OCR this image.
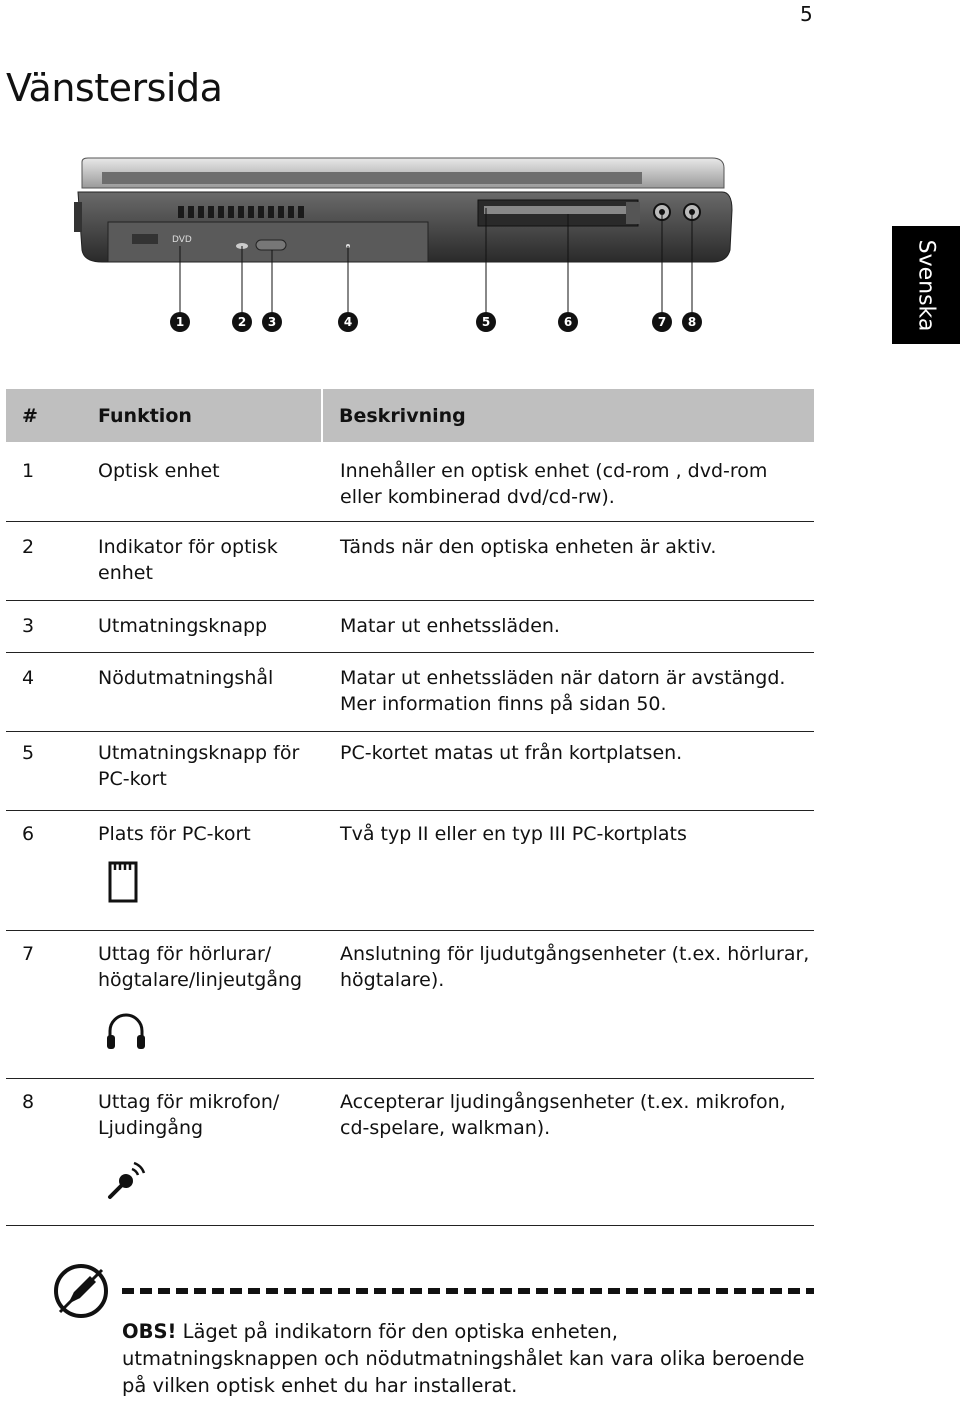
5
Vänstersida
Svenska
DVD
1	2 3	4	5	6	7 8
#	Funktion	Beskrivning
1	Optisk enhet	Innehåller en optisk enhet (cd-rom , dvd-rom eller kombinerad dvd/cd-rw).
2	Indikator för optisk enhet	Tänds när den optiska enheten är aktiv.
3	Utmatningsknapp	Matar ut enhetssläden.
4	Nödutmatningshål	Matar ut enhetssläden när datorn är avstängd. Mer information finns på sidan 50.
5	Utmatningsknapp för PC-kort	PC-kortet matas ut från kortplatsen.
6	Plats för PC-kort	Två typ II eller en typ III PC-kortplats
7	Uttag för hörlurar/ högtalare/linjeutgång	Anslutning för ljudutgångsenheter (t.ex. hörlurar, högtalare).
8	Uttag för mikrofon/ Ljudingång	Accepterar ljudingångsenheter (t.ex. mikrofon, cd-spelare, walkman).
OBS! Läget på indikatorn för den optiska enheten, utmatningsknappen och nödutmatningshålet kan vara olika beroende på vilken optisk enhet du har installerat.
